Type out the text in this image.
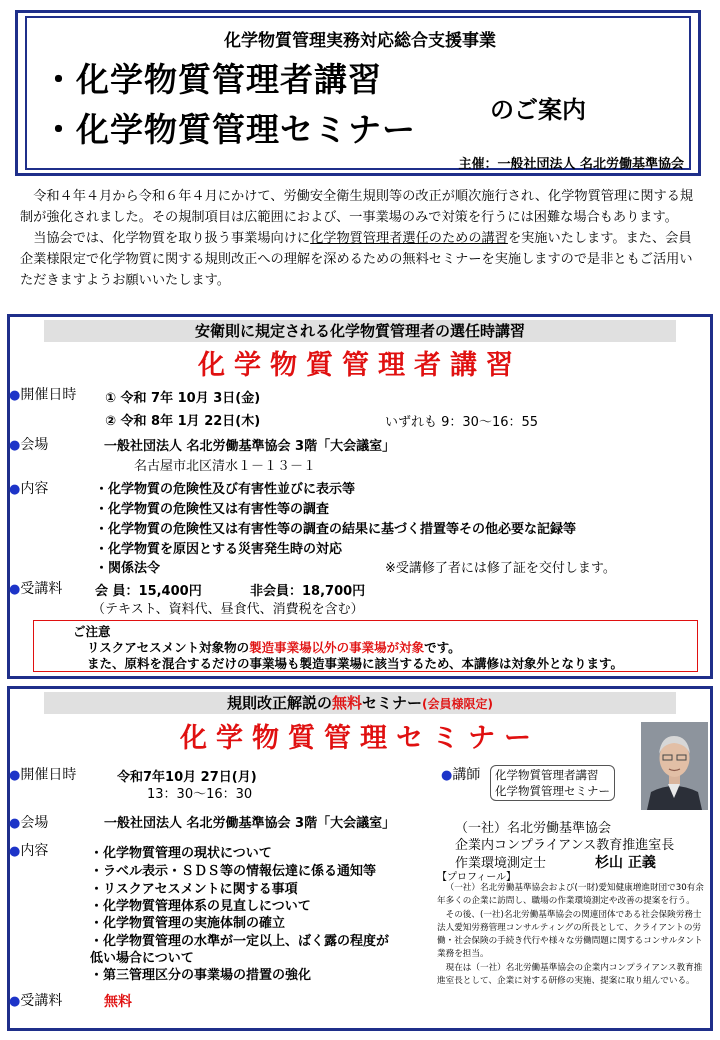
化学物質管理実務対応総合支援事業
・化学物質管理者講習
・化学物質管理セミナー	のご案内
主催：一般社団法人 名北労働基準協会

令和４年４月から令和６年４月にかけて、労働安全衛生規則等の改正が順次施行され、化学物質管理に関する規制が強化されました。その規制項目は広範囲におよび、一事業場のみで対策を行うには困難な場合もあります。

当協会では、化学物質を取り扱う事業場向けに化学物質管理者選任のための講習を実施いたします。また、会員企業様限定で化学物質に関する規則改正への理解を深めるための無料セミナーを実施しますので是非ともご活用いただきますようお願いいたします。

安衛則に規定される化学物質管理者の選任時講習
化学物質管理者講習
●開催日時 ① 令和 7年 10月 3日(金)
② 令和 8年 1月 22日(木)	いずれも 9：30～16：55
●会場	一般社団法人 名北労働基準協会 3階「大会議室」
名古屋市北区清水１－１３－１
●内容	・化学物質の危険性及び有害性並びに表示等
・化学物質の危険性又は有害性等の調査
・化学物質の危険性又は有害性等の調査の結果に基づく措置等その他必要な記録等
・化学物質を原因とする災害発生時の対応
・関係法令	※受講修了者には修了証を交付します。
●受講料	会 員：15,400円	非会員：18,700円
（テキスト、資料代、昼食代、消費税を含む）
ご注意
リスクアセスメント対象物の製造事業場以外の事業場が対象です。
また、原料を混合するだけの事業場も製造事業場に該当するため、本講修は対象外となります。
規則改正解説の無料セミナー(会員様限定)
化学物質管理セミナー
●開催日時	令和7年10月 27日(月)
13：30～16：30
●会場	一般社団法人 名北労働基準協会 3階「大会議室」
●内容	・化学物質管理の現状について
・ラベル表示・ＳＤＳ等の情報伝達に係る通知等
・リスクアセスメントに関する事項
・化学物質管理体系の見直しについて
・化学物質管理の実施体制の確立
・化学物質管理の水準が一定以上、ばく露の程度が
低い場合について
・第三管理区分の事業場の措置の強化
●受講料	無料
●講師 化学物質管理者講習
化学物質管理セミナー
（一社）名北労働基準協会
企業内コンプライアンス教育推進室長
作業環境測定士	杉山 正義
【プロフィール】

（一社）名北労働基準協会および(一財)愛知健康増進財団で30有余年多くの企業に訪問し、職場の作業環境測定や改善の提案を行う。

その後、(一社)名北労働基準協会の関連団体である社会保険労務士法人愛知労務管理コンサルティングの所長として、クライアントの労働・社会保険の手続き代行や様々な労働問題に関するコンサルタント業務を担当。

現在は（一社）名北労働基準協会の企業内コンプライアンス教育推進室長として、企業に対する研修の実施、提案に取り組んでいる。
